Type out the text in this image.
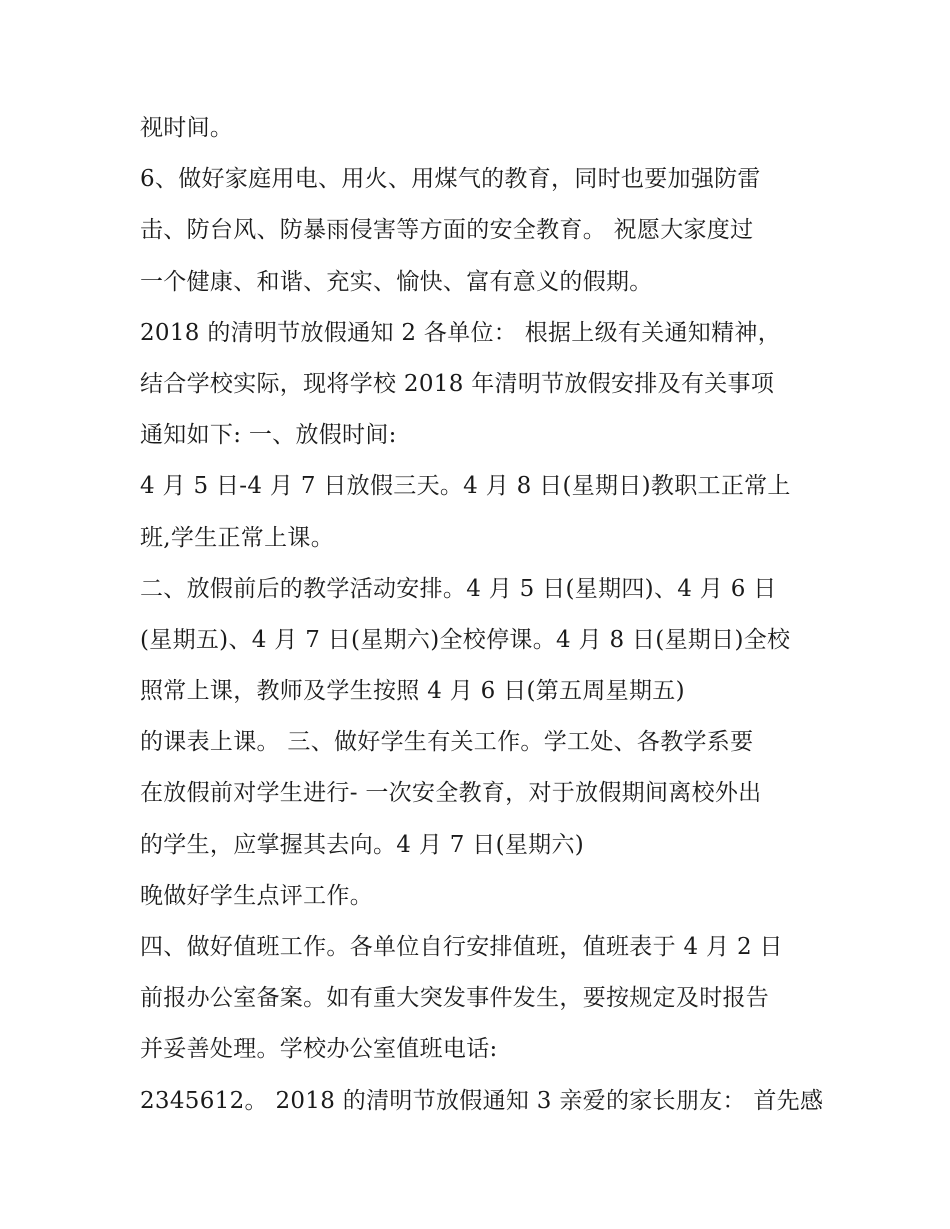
视时间。
6、做好家庭用电、用火、用煤气的教育，同时也要加强防雷
击、防台风、防暴雨侵害等方面的安全教育。 祝愿大家度过
一个健康、和谐、充实、愉快、富有意义的假期。
2018 的清明节放假通知 2 各单位： 根据上级有关通知精神，
结合学校实际，现将学校 2018 年清明节放假安排及有关事项
通知如下: 一、放假时间:
4 月 5 日-4 月 7 日放假三天。4 月 8 日(星期日)教职工正常上
班,学生正常上课。
二、放假前后的教学活动安排。4 月 5 日(星期四)、4 月 6 日
(星期五)、4 月 7 日(星期六)全校停课。4 月 8 日(星期日)全校
照常上课，教师及学生按照 4 月 6 日(第五周星期五)
的课表上课。 三、做好学生有关工作。学工处、各教学系要
在放假前对学生进行- 一次安全教育，对于放假期间离校外出
的学生，应掌握其去向。4 月 7 日(星期六)
晚做好学生点评工作。
四、做好值班工作。各单位自行安排值班，值班表于 4 月 2 日
前报办公室备案。如有重大突发事件发生，要按规定及时报告
并妥善处理。学校办公室值班电话:
2345612。 2018 的清明节放假通知 3 亲爱的家长朋友： 首先感
